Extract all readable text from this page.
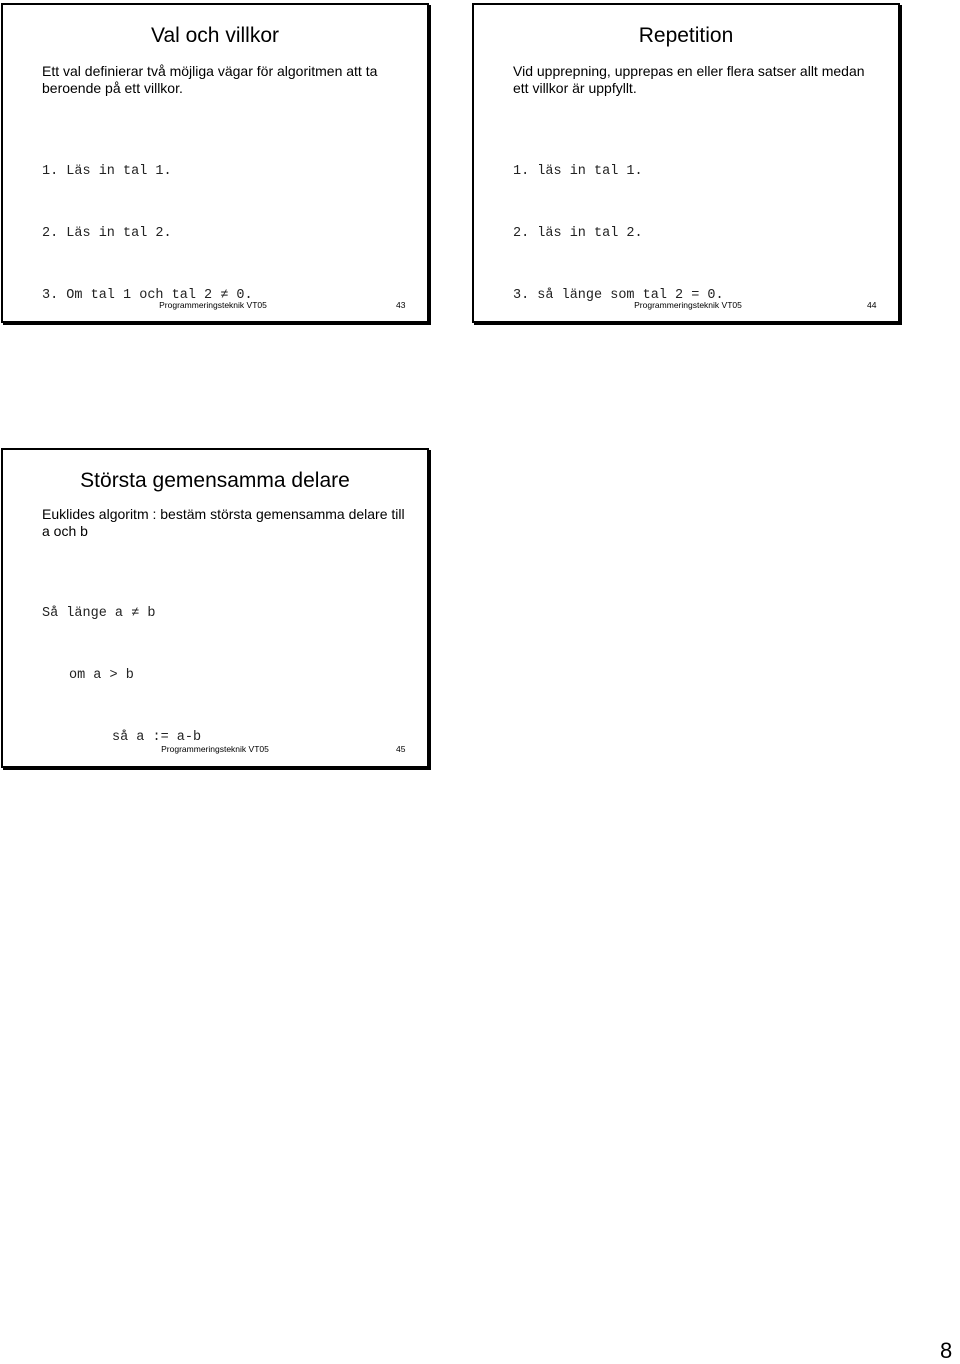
Val och villkor

Ett val definierar två möjliga vägar för algoritmen att ta beroende på ett villkor.

1. Läs in tal 1.

2. Läs in tal 2.

3. Om tal 1 och tal 2 ≠ 0.

Programmeringsteknik VT05	43
Repetition

Vid upprepning, upprepas en eller flera satser allt medan ett villkor är uppfyllt.

1. läs in tal 1.

2. läs in tal 2.

3. så länge som tal 2 = 0.

Programmeringsteknik VT05	44
Största gemensamma delare

Euklides algoritm : bestäm största gemensamma delare till a och b

Så länge a ≠ b

om a > b

så a := a-b

Programmeringsteknik VT05	45
8
